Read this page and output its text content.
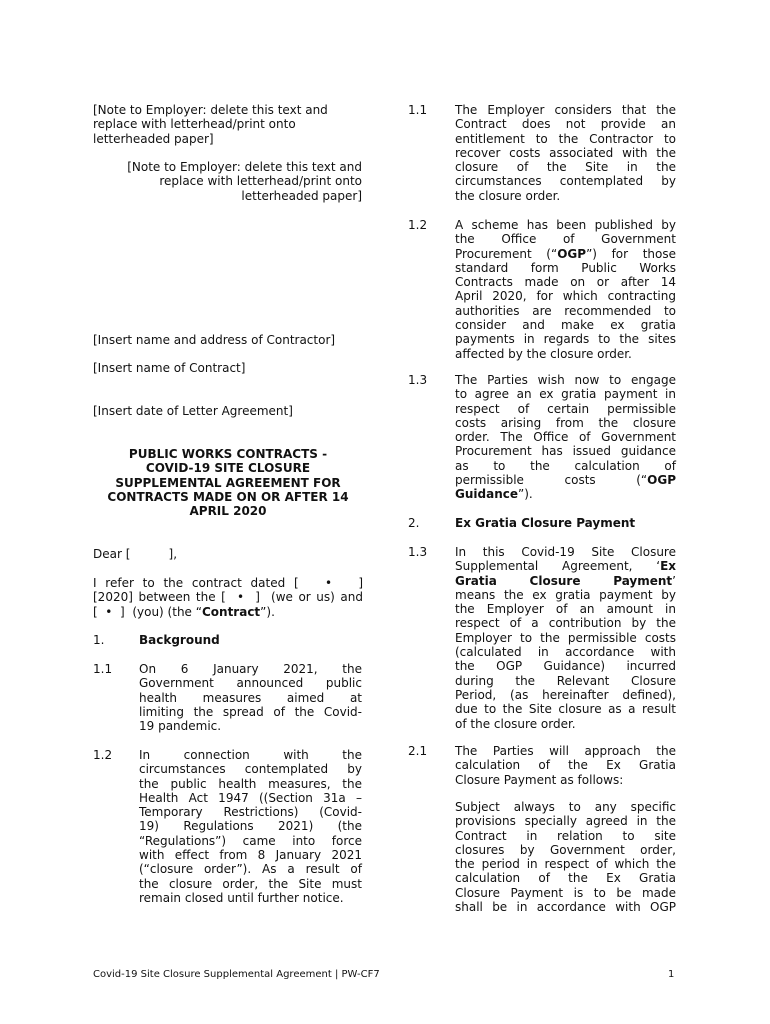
[Note to Employer: delete this text and
replace with letterhead/print onto
letterheaded paper]
[Note to Employer: delete this text and
replace with letterhead/print onto
letterheaded paper]
[Insert name and address of Contractor]
[Insert name of Contract]
[Insert date of Letter Agreement]
PUBLIC WORKS CONTRACTS -
COVID-19 SITE CLOSURE
SUPPLEMENTAL AGREEMENT FOR
CONTRACTS MADE ON OR AFTER 14
APRIL 2020
Dear [          ],
I refer to the contract dated [   •   ]
[2020] between the [  •  ]  (we or us) and
[  •  ]  (you) (the “Contract”).
1.	Background
1.1 On 6 January 2021, the
Government announced public
health measures aimed at
limiting the spread of the Covid-
19 pandemic.
1.2 In connection with the
circumstances contemplated by
the public health measures, the
Health Act 1947 ((Section 31a –
Temporary Restrictions) (Covid-
19) Regulations 2021) (the
“Regulations”) came into force
with effect from 8 January 2021
(“closure order”). As a result of
the closure order, the Site must
remain closed until further notice.
1.1 The Employer considers that the
Contract does not provide an
entitlement to the Contractor to
recover costs associated with the
closure of the Site in the
circumstances contemplated by
the closure order.
1.2 A scheme has been published by
the Office of Government
Procurement (“OGP”) for those
standard form Public Works
Contracts made on or after 14
April 2020, for which contracting
authorities are recommended to
consider and make ex gratia
payments in regards to the sites
affected by the closure order.
1.3 The Parties wish now to engage
to agree an ex gratia payment in
respect of certain permissible
costs arising from the closure
order. The Office of Government
Procurement has issued guidance
as to the calculation of
permissible costs (“OGP
Guidance”).
2.	Ex Gratia Closure Payment
1.3 In this Covid-19 Site Closure
Supplemental Agreement, ‘Ex
Gratia Closure Payment’
means the ex gratia payment by
the Employer of an amount in
respect of a contribution by the
Employer to the permissible costs
(calculated in accordance with
the OGP Guidance) incurred
during the Relevant Closure
Period, (as hereinafter defined),
due to the Site closure as a result
of the closure order.
2.1 The Parties will approach the
calculation of the Ex Gratia
Closure Payment as follows:
Subject always to any specific
provisions specially agreed in the
Contract in relation to site
closures by Government order,
the period in respect of which the
calculation of the Ex Gratia
Closure Payment is to be made
shall be in accordance with OGP
Covid-19 Site Closure Supplemental Agreement | PW-CF7	1
